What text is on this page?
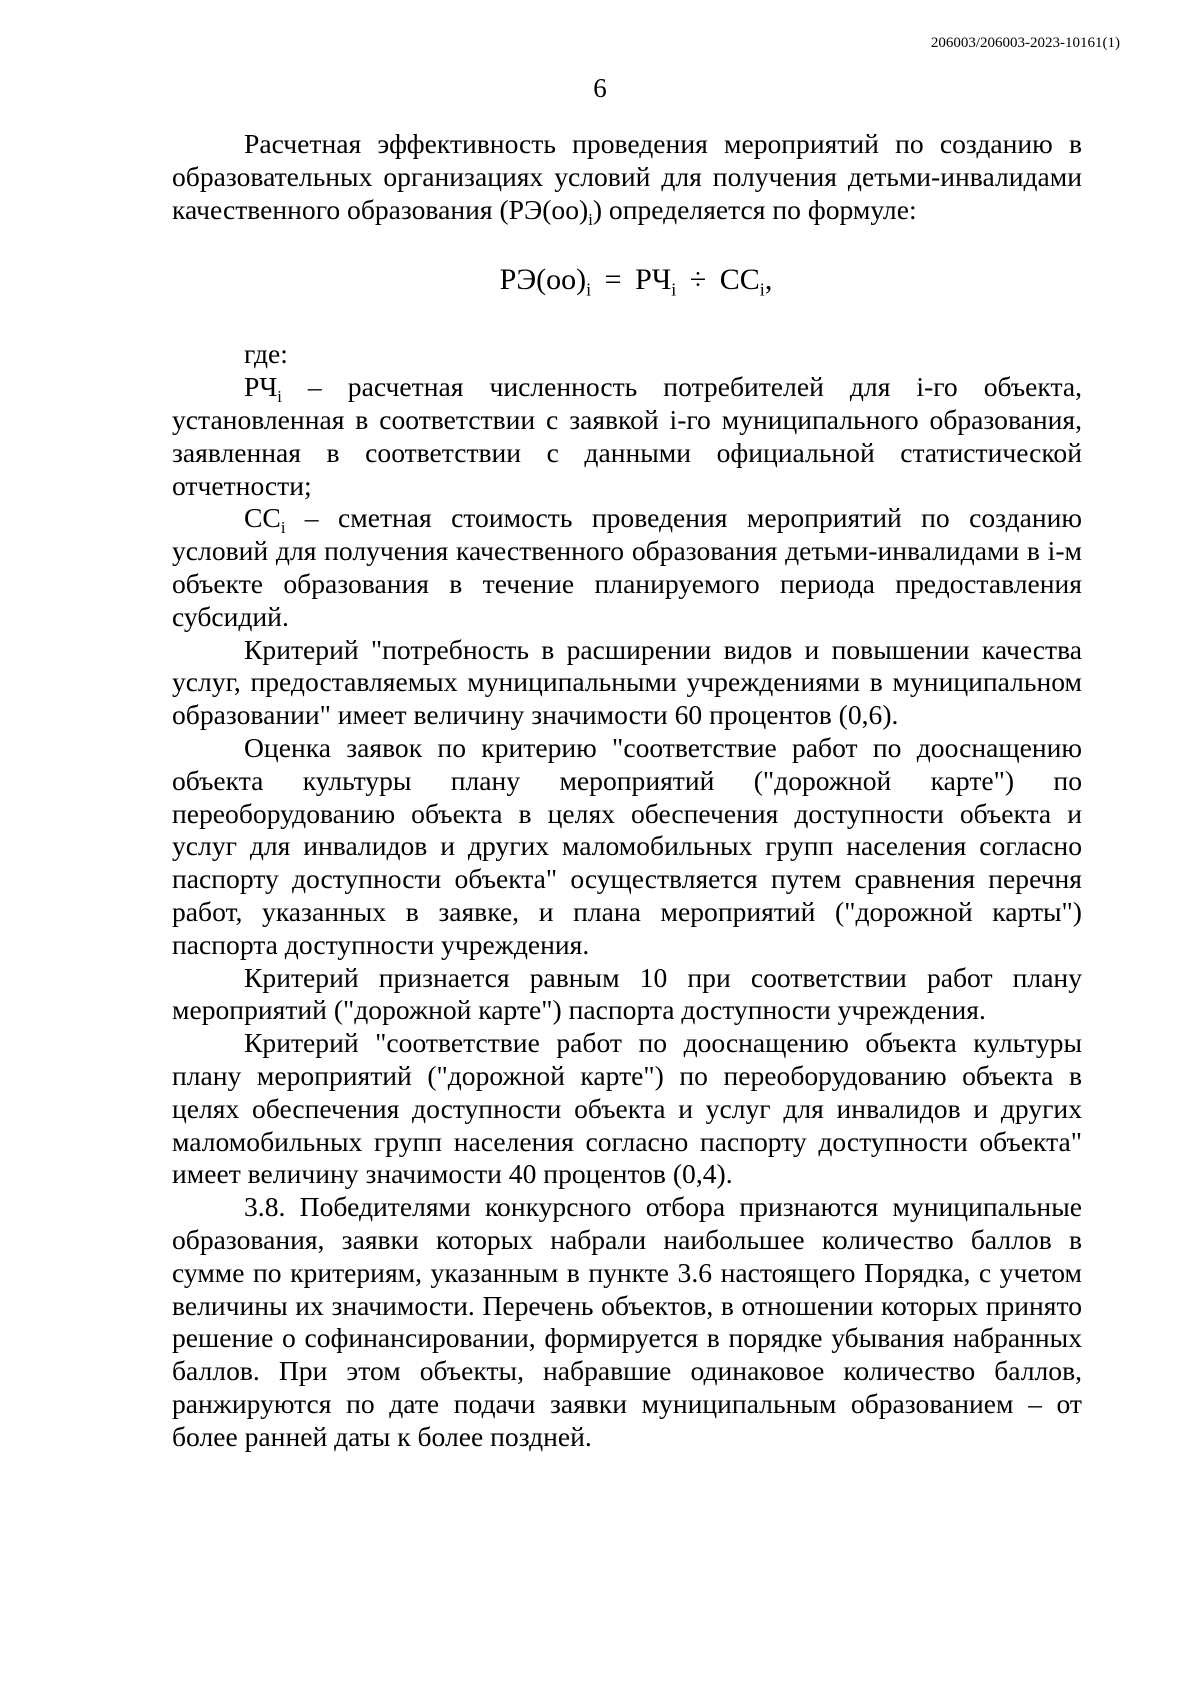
206003/206003-2023-10161(1)
6

Расчетная эффективность проведения мероприятий по созданию в образовательных организациях условий для получения детьми-инвалидами качественного образования $(РЭ(оо)_i)$ определяется по формуле:

$РЭ(оо)_i = РЧ_i \div СС_i$,

где:

$РЧ_i$ – расчетная численность потребителей для i-го объекта, установленная в соответствии с заявкой i-го муниципального образования, заявленная в соответствии с данными официальной статистической отчетности;

$СС_i$ – сметная стоимость проведения мероприятий по созданию условий для получения качественного образования детьми-инвалидами в i-м объекте образования в течение планируемого периода предоставления субсидий.

Критерий "потребность в расширении видов и повышении качества услуг, предоставляемых муниципальными учреждениями в муниципальном образовании" имеет величину значимости 60 процентов (0,6).

Оценка заявок по критерию "соответствие работ по дооснащению объекта культуры плану мероприятий ("дорожной карте") по переоборудованию объекта в целях обеспечения доступности объекта и услуг для инвалидов и других маломобильных групп населения согласно паспорту доступности объекта" осуществляется путем сравнения перечня работ, указанных в заявке, и плана мероприятий ("дорожной карты") паспорта доступности учреждения.

Критерий признается равным 10 при соответствии работ плану мероприятий ("дорожной карте") паспорта доступности учреждения.

Критерий "соответствие работ по дооснащению объекта культуры плану мероприятий ("дорожной карте") по переоборудованию объекта в целях обеспечения доступности объекта и услуг для инвалидов и других маломобильных групп населения согласно паспорту доступности объекта" имеет величину значимости 40 процентов (0,4).

3.8. Победителями конкурсного отбора признаются муниципальные образования, заявки которых набрали наибольшее количество баллов в сумме по критериям, указанным в пункте 3.6 настоящего Порядка, с учетом величины их значимости. Перечень объектов, в отношении которых принято решение о софинансировании, формируется в порядке убывания набранных баллов. При этом объекты, набравшие одинаковое количество баллов, ранжируются по дате подачи заявки муниципальным образованием – от более ранней даты к более поздней.
